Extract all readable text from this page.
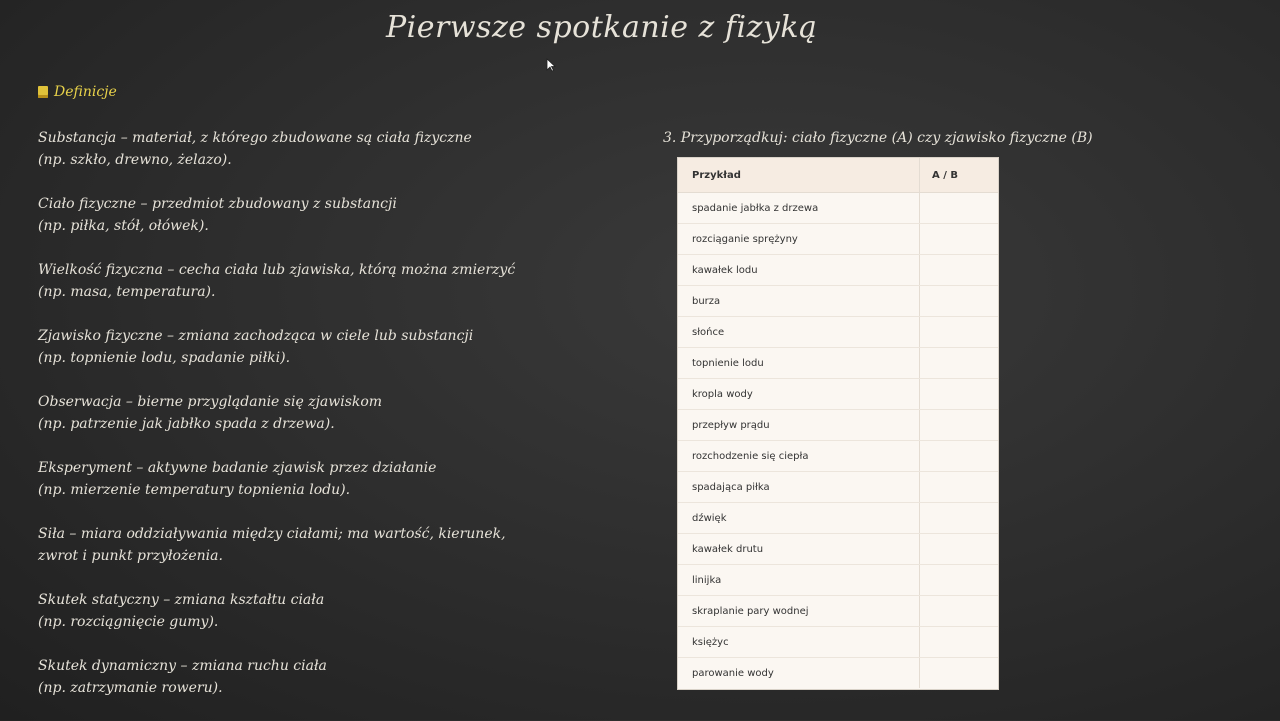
Pierwsze spotkanie z fizyką
Definicje
Substancja – materiał, z którego zbudowane są ciała fizyczne
(np. szkło, drewno, żelazo).
Ciało fizyczne – przedmiot zbudowany z substancji
(np. piłka, stół, ołówek).
Wielkość fizyczna – cecha ciała lub zjawiska, którą można zmierzyć
(np. masa, temperatura).
Zjawisko fizyczne – zmiana zachodząca w ciele lub substancji
(np. topnienie lodu, spadanie piłki).
Obserwacja – bierne przyglądanie się zjawiskom
(np. patrzenie jak jabłko spada z drzewa).
Eksperyment – aktywne badanie zjawisk przez działanie
(np. mierzenie temperatury topnienia lodu).
Siła – miara oddziaływania między ciałami; ma wartość, kierunek,
zwrot i punkt przyłożenia.
Skutek statyczny – zmiana kształtu ciała
(np. rozciągnięcie gumy).
Skutek dynamiczny – zmiana ruchu ciała
(np. zatrzymanie roweru).
3. Przyporządkuj: ciało fizyczne (A) czy zjawisko fizyczne (B)
Przykład	A / B
spadanie jabłka z drzewa	
rozciąganie sprężyny	
kawałek lodu	
burza	
słońce	
topnienie lodu	
kropla wody	
przepływ prądu	
rozchodzenie się ciepła	
spadająca piłka	
dźwięk	
kawałek drutu	
linijka	
skraplanie pary wodnej	
księżyc	
parowanie wody	
